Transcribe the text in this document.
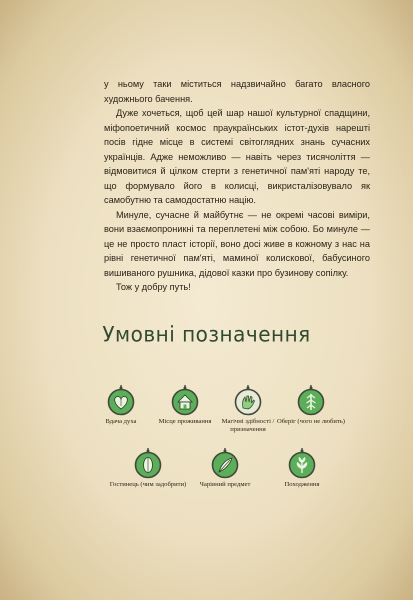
у ньому таки міститься надзвичайно багато власного художнього бачення.

Дуже хочеться, щоб цей шар нашої культурної спадщини, міфопоетичний космос праукраїнських істот-духів нарешті посів гідне місце в системі світоглядних знань сучасних українців. Адже неможливо — навіть через тисячоліття — відмовитися й цілком стерти з генетичної пам'яті народу те, що формувало його в колисці, викристалізовувало як самобутню та самодостатню націю.

Минуле, сучасне й майбутнє — не окремі часові виміри, вони взаємопроникні та переплетені між собою. Бо минуле — це не просто пласт історії, воно досі живе в кожному з нас на рівні генетичної пам'яті, маминої колискової, бабусиного вишиваного рушника, дідової казки про бузинову сопілку.

Тож у добру путь!

Умовні позначення
Вдача духа	Місце проживання	Магічні здібності / призначення
Оберіг (чого не любить)
Гостинець (чим задобрити)	Чарівний предмет	Походження
